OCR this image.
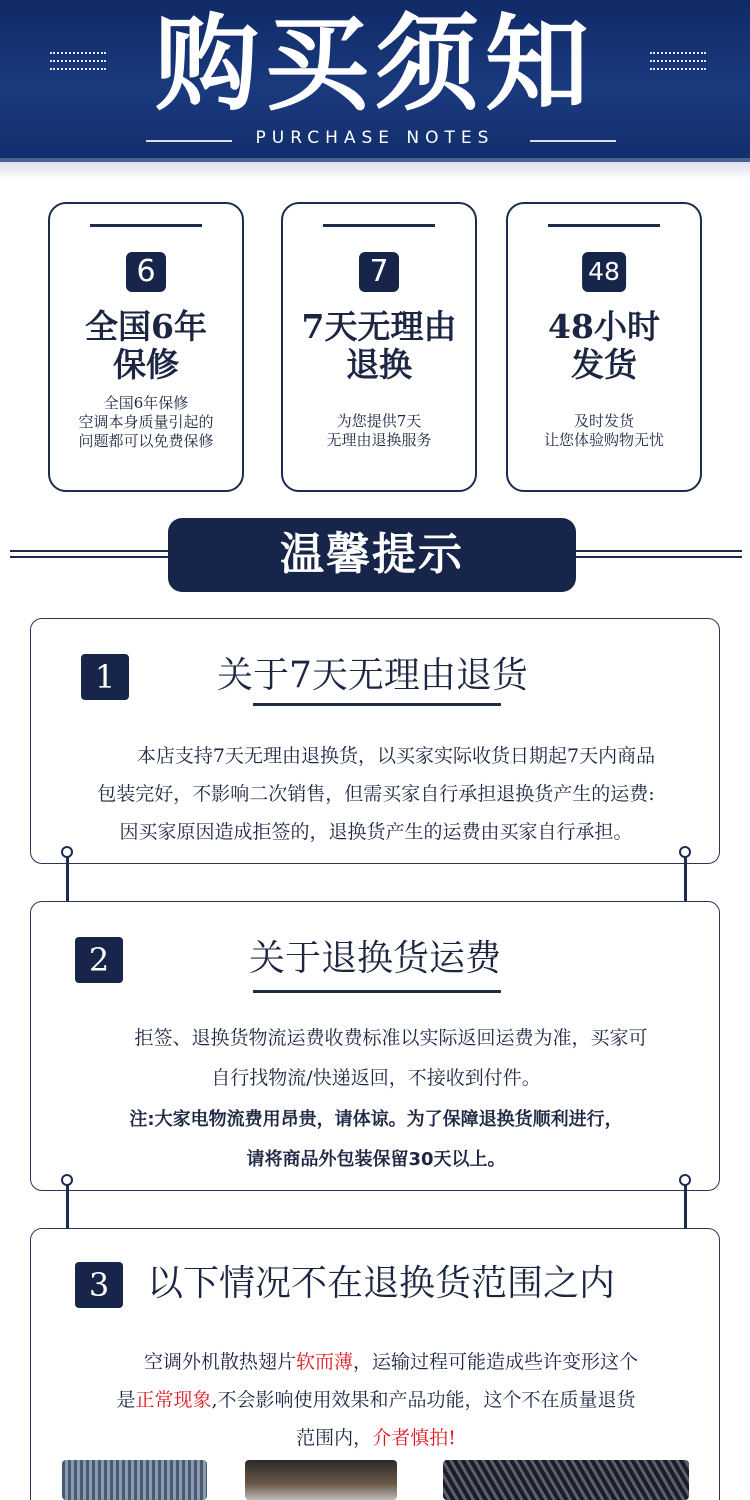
购买须知
PURCHASE NOTES
6
全国6年
保修
全国6年保修
空调本身质量引起的
问题都可以免费保修
7
7天无理由
退换
为您提供7天
无理由退换服务
48
48小时
发货
及时发货
让您体验购物无忧
温馨提示
1	关于7天无理由退货
本店支持7天无理由退换货，以买家实际收货日期起7天内商品
包装完好，不影响二次销售，但需买家自行承担退换货产生的运费:
因买家原因造成拒签的，退换货产生的运费由买家自行承担。
2	关于退换货运费
拒签、退换货物流运费收费标准以实际返回运费为准，买家可
自行找物流/快递返回，不接收到付件。
注:大家电物流费用昂贵，请体谅。为了保障退换货顺利进行，
请将商品外包装保留30天以上。
3	以下情况不在退换货范围之内
空调外机散热翅片软而薄，运输过程可能造成些许变形这个
是正常现象,不会影响使用效果和产品功能，这个不在质量退货
范围内，介者慎拍!
